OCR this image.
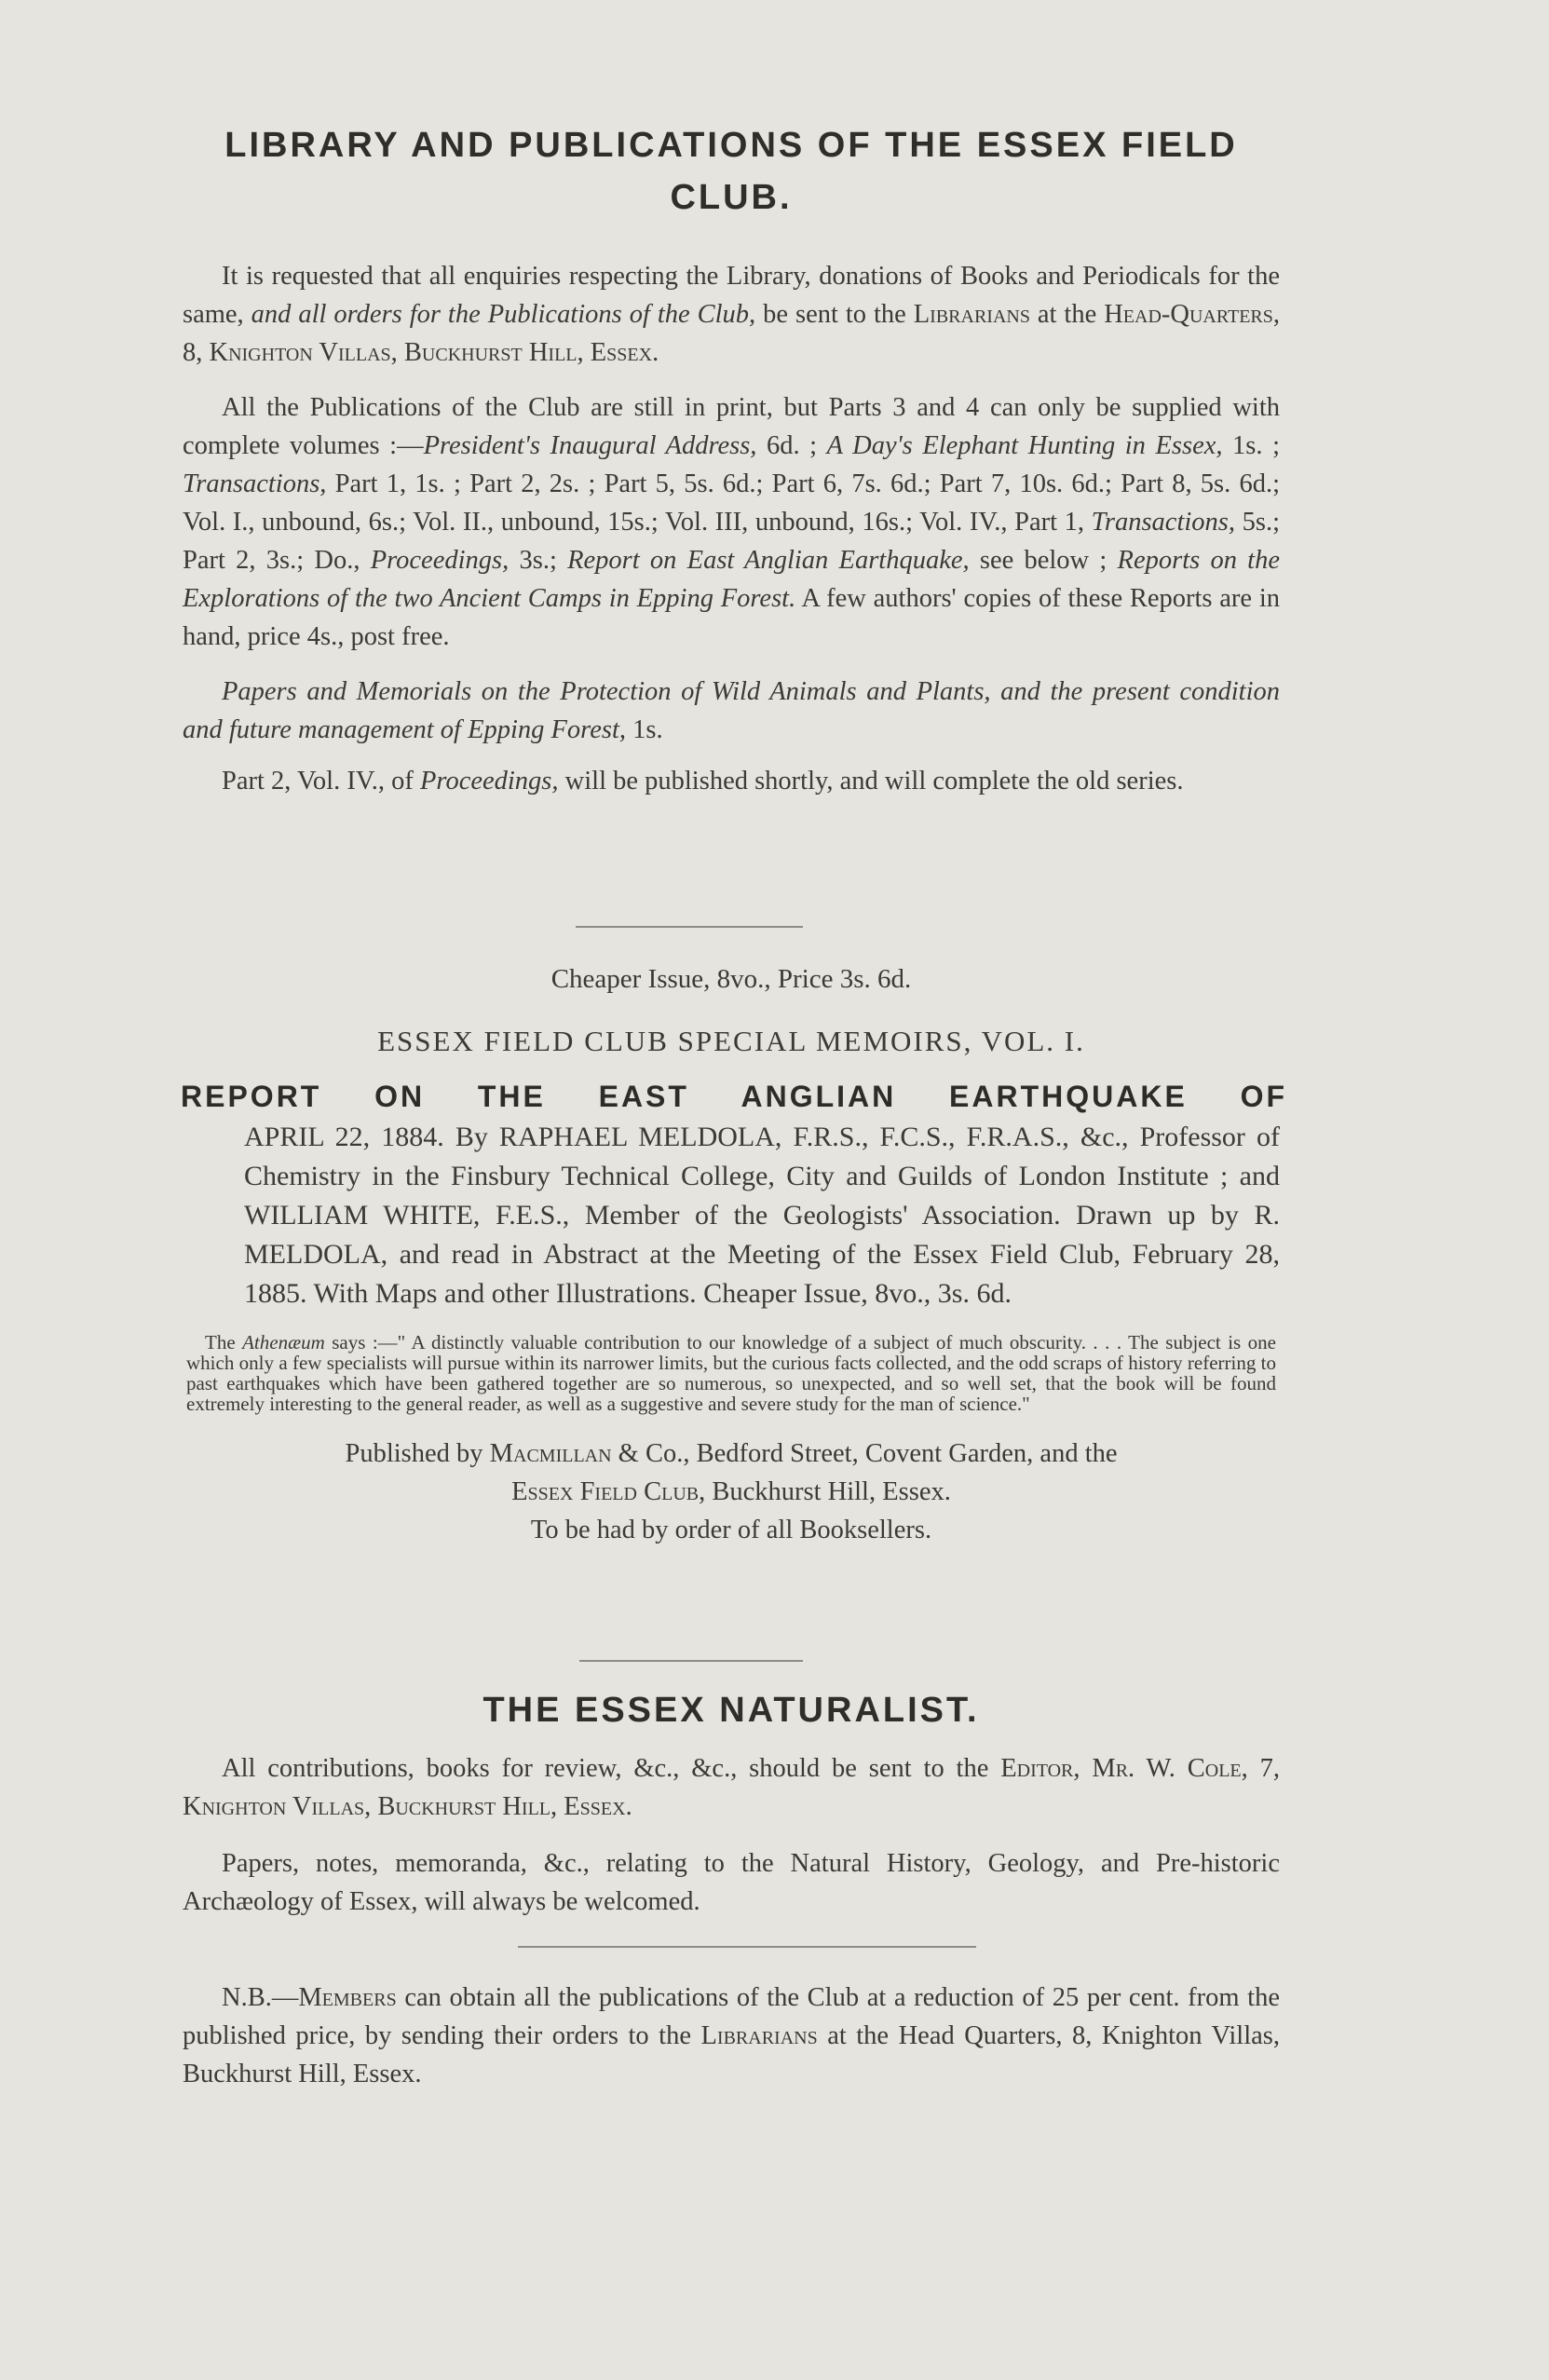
LIBRARY AND PUBLICATIONS OF THE ESSEX FIELD CLUB.

It is requested that all enquiries respecting the Library, donations of Books and Periodicals for the same, and all orders for the Publications of the Club, be sent to the Librarians at the Head-Quarters, 8, Knighton Villas, Buckhurst Hill, Essex.

All the Publications of the Club are still in print, but Parts 3 and 4 can only be supplied with complete volumes :—President's Inaugural Address, 6d. ; A Day's Elephant Hunting in Essex, 1s. ; Transactions, Part 1, 1s. ; Part 2, 2s. ; Part 5, 5s. 6d.; Part 6, 7s. 6d.; Part 7, 10s. 6d.; Part 8, 5s. 6d.; Vol. I., unbound, 6s.; Vol. II., unbound, 15s.; Vol. III, unbound, 16s.; Vol. IV., Part 1, Transactions, 5s.; Part 2, 3s.; Do., Proceedings, 3s.; Report on East Anglian Earthquake, see below ; Reports on the Explorations of the two Ancient Camps in Epping Forest. A few authors' copies of these Reports are in hand, price 4s., post free.

Papers and Memorials on the Protection of Wild Animals and Plants, and the present condition and future management of Epping Forest, 1s.

Part 2, Vol. IV., of Proceedings, will be published shortly, and will complete the old series.

Cheaper Issue, 8vo., Price 3s. 6d.

ESSEX FIELD CLUB SPECIAL MEMOIRS, VOL. I.

REPORT ON THE EAST ANGLIAN EARTHQUAKE OF

APRIL 22, 1884. By RAPHAEL MELDOLA, F.R.S., F.C.S., F.R.A.S., &c., Professor of Chemistry in the Finsbury Technical College, City and Guilds of London Institute ; and WILLIAM WHITE, F.E.S., Member of the Geologists' Association. Drawn up by R. MELDOLA, and read in Abstract at the Meeting of the Essex Field Club, February 28, 1885. With Maps and other Illustrations. Cheaper Issue, 8vo., 3s. 6d.

The Athenæum says :—" A distinctly valuable contribution to our knowledge of a subject of much obscurity. . . . The subject is one which only a few specialists will pursue within its narrower limits, but the curious facts collected, and the odd scraps of history referring to past earthquakes which have been gathered together are so numerous, so unexpected, and so well set, that the book will be found extremely interesting to the general reader, as well as a suggestive and severe study for the man of science."

Published by Macmillan & Co., Bedford Street, Covent Garden, and the
Essex Field Club, Buckhurst Hill, Essex.

To be had by order of all Booksellers.

THE ESSEX NATURALIST.

All contributions, books for review, &c., &c., should be sent to the Editor, Mr. W. Cole, 7, Knighton Villas, Buckhurst Hill, Essex.

Papers, notes, memoranda, &c., relating to the Natural History, Geology, and Pre-historic Archæology of Essex, will always be welcomed.

N.B.—Members can obtain all the publications of the Club at a reduction of 25 per cent. from the published price, by sending their orders to the Librarians at the Head Quarters, 8, Knighton Villas, Buckhurst Hill, Essex.
